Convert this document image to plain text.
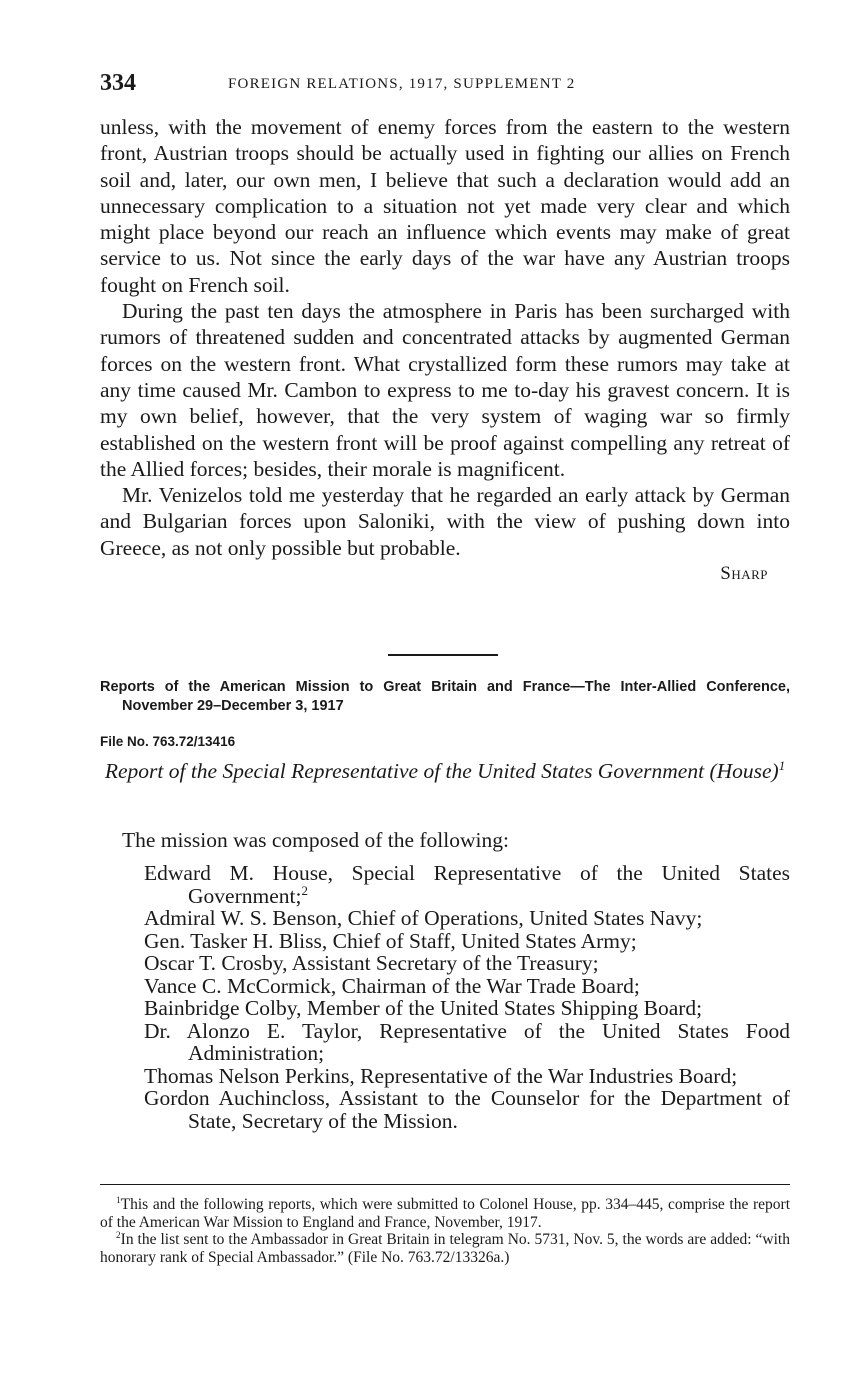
334	FOREIGN RELATIONS, 1917, SUPPLEMENT 2

unless, with the movement of enemy forces from the eastern to the western front, Austrian troops should be actually used in fighting our allies on French soil and, later, our own men, I believe that such a declaration would add an unnecessary complication to a situation not yet made very clear and which might place beyond our reach an influence which events may make of great service to us. Not since the early days of the war have any Austrian troops fought on French soil.

During the past ten days the atmosphere in Paris has been surcharged with rumors of threatened sudden and concentrated attacks by augmented German forces on the western front. What crystallized form these rumors may take at any time caused Mr. Cambon to express to me to-day his gravest concern. It is my own belief, however, that the very system of waging war so firmly established on the western front will be proof against compelling any retreat of the Allied forces; besides, their morale is magnificent.

Mr. Venizelos told me yesterday that he regarded an early attack by German and Bulgarian forces upon Saloniki, with the view of pushing down into Greece, as not only possible but probable.

Sharp

Reports of the American Mission to Great Britain and France—The Inter-Allied Conference, November 29–December 3, 1917
File No. 763.72/13416
Report of the Special Representative of the United States Government (House)$^1$
The mission was composed of the following:
Edward M. House, Special Representative of the United States Government;$^2$
Admiral W. S. Benson, Chief of Operations, United States Navy;
Gen. Tasker H. Bliss, Chief of Staff, United States Army;
Oscar T. Crosby, Assistant Secretary of the Treasury;
Vance C. McCormick, Chairman of the War Trade Board;
Bainbridge Colby, Member of the United States Shipping Board;
Dr. Alonzo E. Taylor, Representative of the United States Food Administration;
Thomas Nelson Perkins, Representative of the War Industries Board;
Gordon Auchincloss, Assistant to the Counselor for the Department of State, Secretary of the Mission.

$^1$This and the following reports, which were submitted to Colonel House, pp. 334–445, comprise the report of the American War Mission to England and France, November, 1917.

$^2$In the list sent to the Ambassador in Great Britain in telegram No. 5731, Nov. 5, the words are added: “with honorary rank of Special Ambassador.” (File No. 763.72/13326a.)
